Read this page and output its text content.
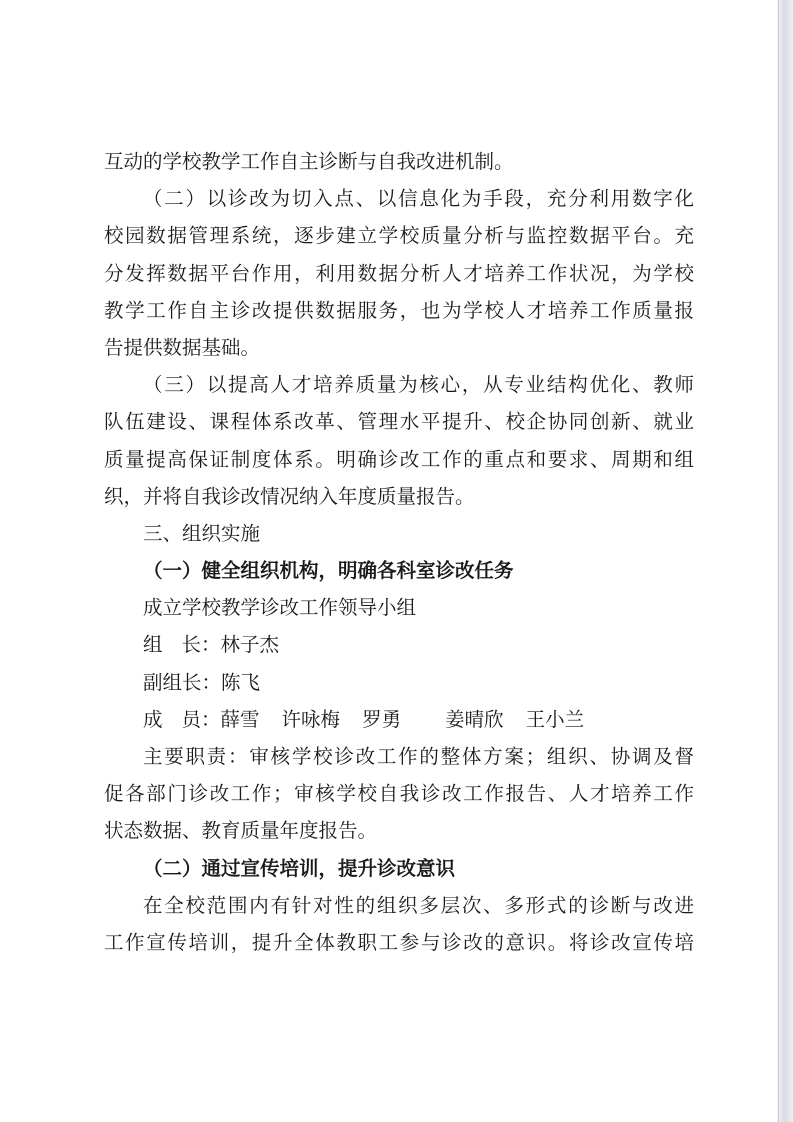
互动的学校教学工作自主诊断与自我改进机制。
（二）以诊改为切入点、以信息化为手段，充分利用数字化
校园数据管理系统，逐步建立学校质量分析与监控数据平台。充
分发挥数据平台作用，利用数据分析人才培养工作状况，为学校
教学工作自主诊改提供数据服务，也为学校人才培养工作质量报
告提供数据基础。
（三）以提高人才培养质量为核心，从专业结构优化、教师
队伍建设、课程体系改革、管理水平提升、校企协同创新、就业
质量提高保证制度体系。明确诊改工作的重点和要求、周期和组
织，并将自我诊改情况纳入年度质量报告。
三、组织实施
（一）健全组织机构，明确各科室诊改任务
成立学校教学诊改工作领导小组
组 长：林子杰
副组长：陈飞
成 员：薛雪 许咏梅 罗勇 姜晴欣 王小兰
主要职责：审核学校诊改工作的整体方案；组织、协调及督
促各部门诊改工作；审核学校自我诊改工作报告、人才培养工作
状态数据、教育质量年度报告。
（二）通过宣传培训，提升诊改意识
在全校范围内有针对性的组织多层次、多形式的诊断与改进
工作宣传培训，提升全体教职工参与诊改的意识。将诊改宣传培
